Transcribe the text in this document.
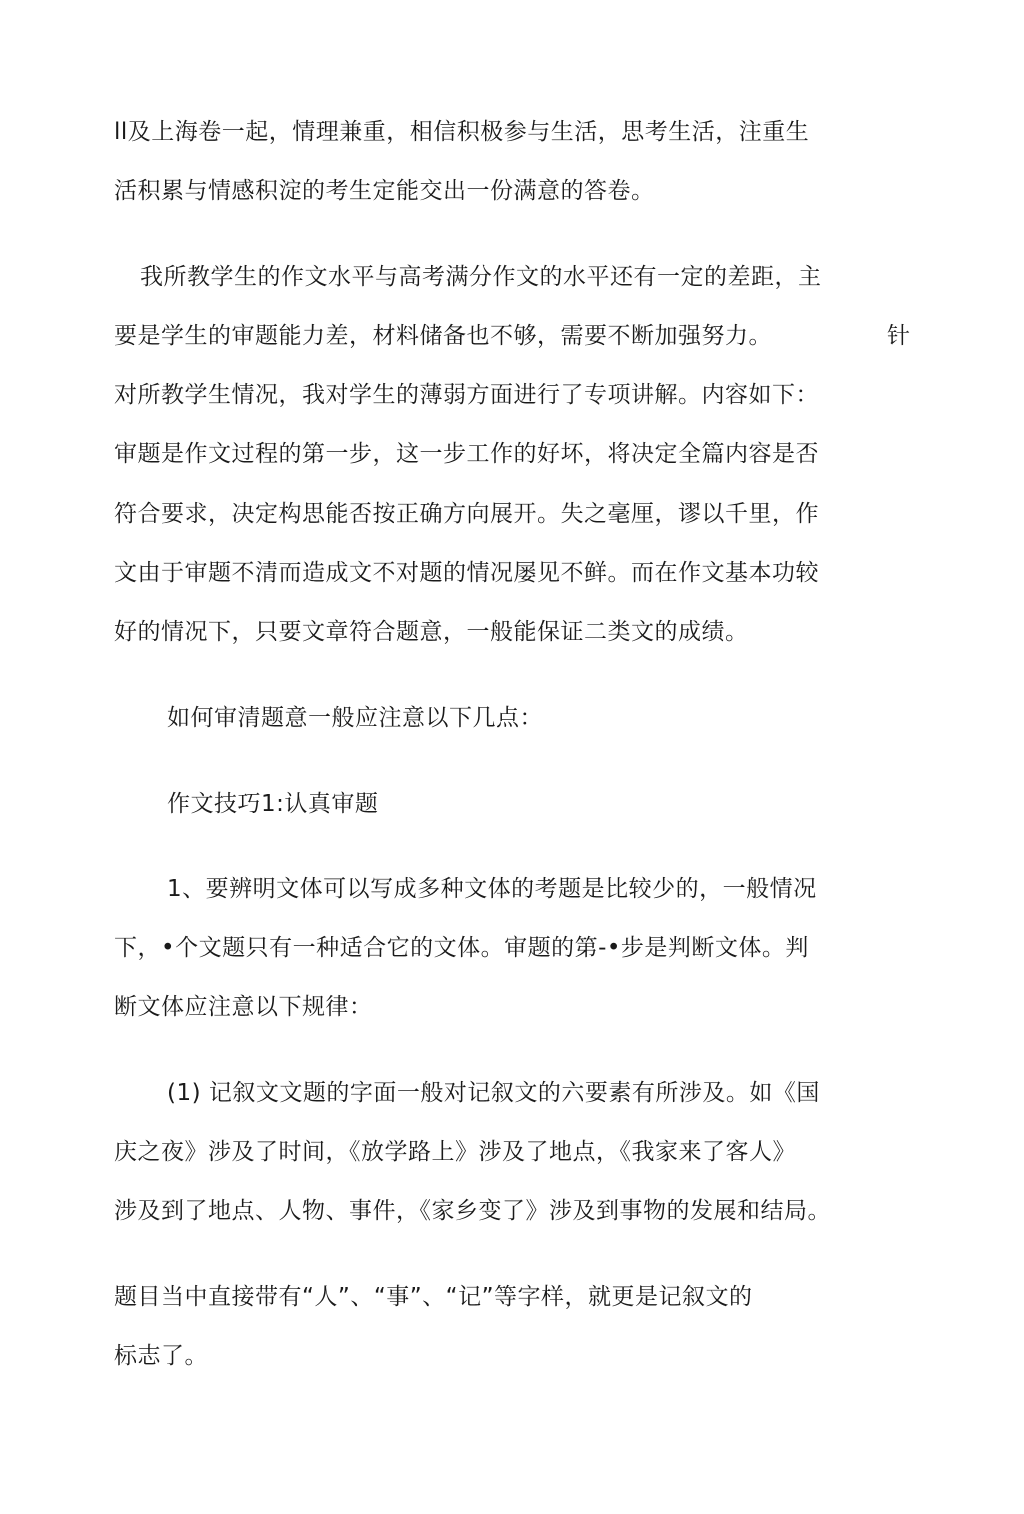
ll及上海卷一起，情理兼重，相信积极参与生活，思考生活，注重生
活积累与情感积淀的考生定能交出一份满意的答卷。
我所教学生的作文水平与高考满分作文的水平还有一定的差距，主
要是学生的审题能力差，材料储备也不够，需要不断加强努力。	针
对所教学生情况，我对学生的薄弱方面进行了专项讲解。内容如下：
审题是作文过程的第一步，这一步工作的好坏，将决定全篇内容是否
符合要求，决定构思能否按正确方向展开。失之毫厘，谬以千里，作
文由于审题不清而造成文不对题的情况屡见不鲜。而在作文基本功较
好的情况下，只要文章符合题意，一般能保证二类文的成绩。
如何审清题意一般应注意以下几点：
作文技巧1:认真审题
1、要辨明文体可以写成多种文体的考题是比较少的，一般情况
下，•个文题只有一种适合它的文体。审题的第-•步是判断文体。判
断文体应注意以下规律：
(1) 记叙文文题的字面一般对记叙文的六要素有所涉及。如《国
庆之夜》涉及了时间，《放学路上》涉及了地点，《我家来了客人》
涉及到了地点、人物、事件，《家乡变了》涉及到事物的发展和结局。
题目当中直接带有“人”、“事”、“记”等字样，就更是记叙文的
标志了。
